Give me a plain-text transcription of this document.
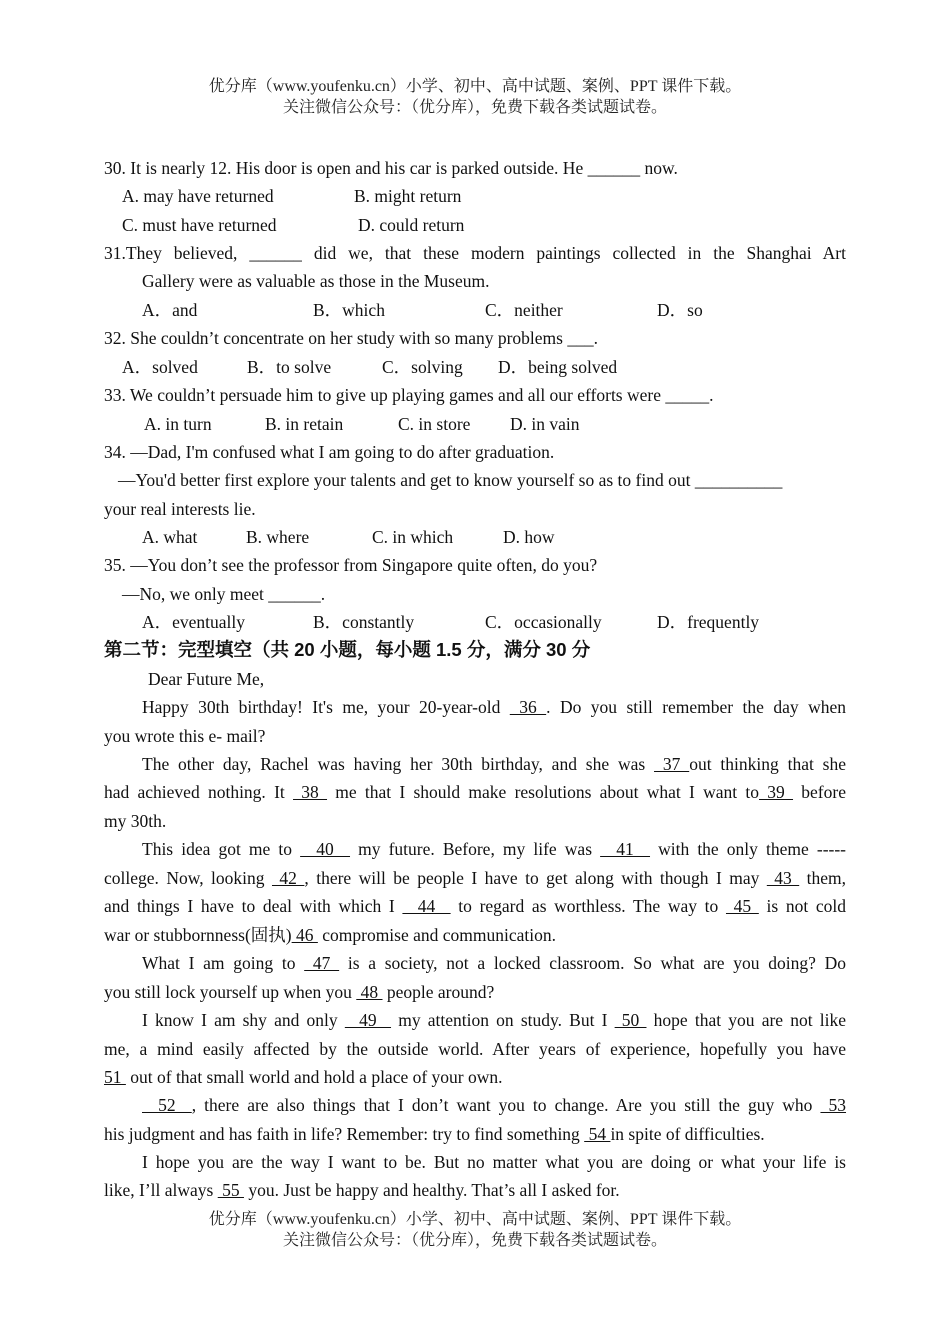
优分库（www.youfenku.cn）小学、初中、高中试题、案例、PPT 课件下载。
关注微信公众号：（优分库），免费下载各类试题试卷。
30. It is nearly 12. His door is open and his car is parked outside. He ______ now.
A. may have returned	B. might return
C. must have returned	D. could return
31.They believed, ______ did we, that these modern paintings collected in the Shanghai Art
Gallery were as valuable as those in the Museum.
A．and	B．which	C．neither	D．so
32. She couldn’t concentrate on her study with so many problems ___.
A．solved	B．to solve	C．solving D．being solved
33. We couldn’t persuade him to give up playing games and all our efforts were _____.
A. in turn	B. in retain	C. in store D. in vain
34. —Dad, I'm confused what I am going to do after graduation.
—You'd better first explore your talents and get to know yourself so as to find out __________
your real interests lie.
A. what	B. where	C. in which	D. how
35. —You don’t see the professor from Singapore quite often, do you?
—No, we only meet ______.
A．eventually	B．constantly	C．occasionally	D．frequently
第二节：完型填空（共 20 小题，每小题 1.5 分，满分 30 分
Dear Future Me,
Happy 30th birthday! It's me, your 20-year-old  36 . Do you still remember the day when
you wrote this e- mail?
The other day, Rachel was having her 30th birthday, and she was  37 out thinking that she
had achieved nothing. It  38  me that I should make resolutions about what I want to 39  before
my 30th.
This idea got me to   40   my future. Before, my life was   41   with the only theme -----
college. Now, looking  42 , there will be people I have to get along with though I may  43  them,
and things I have to deal with which I   44   to regard as worthless. The way to  45  is not cold
war or stubbornness(固执) 46  compromise and communication.
What I am going to  47  is a society, not a locked classroom. So what are you doing? Do
you still lock yourself up when you  48  people around?
I know I am shy and only   49   my attention on study. But I  50  hope that you are not like
me, a mind easily affected by the outside world. After years of experience, hopefully you have
51  out of that small world and hold a place of your own.
52  , there are also things that I don’t want you to change. Are you still the guy who  53
his judgment and has faith in life? Remember: try to find something  54 in spite of difficulties.
I hope you are the way I want to be. But no matter what you are doing or what your life is
like, I’ll always  55  you. Just be happy and healthy. That’s all I asked for.
优分库（www.youfenku.cn）小学、初中、高中试题、案例、PPT 课件下载。
关注微信公众号：（优分库），免费下载各类试题试卷。
